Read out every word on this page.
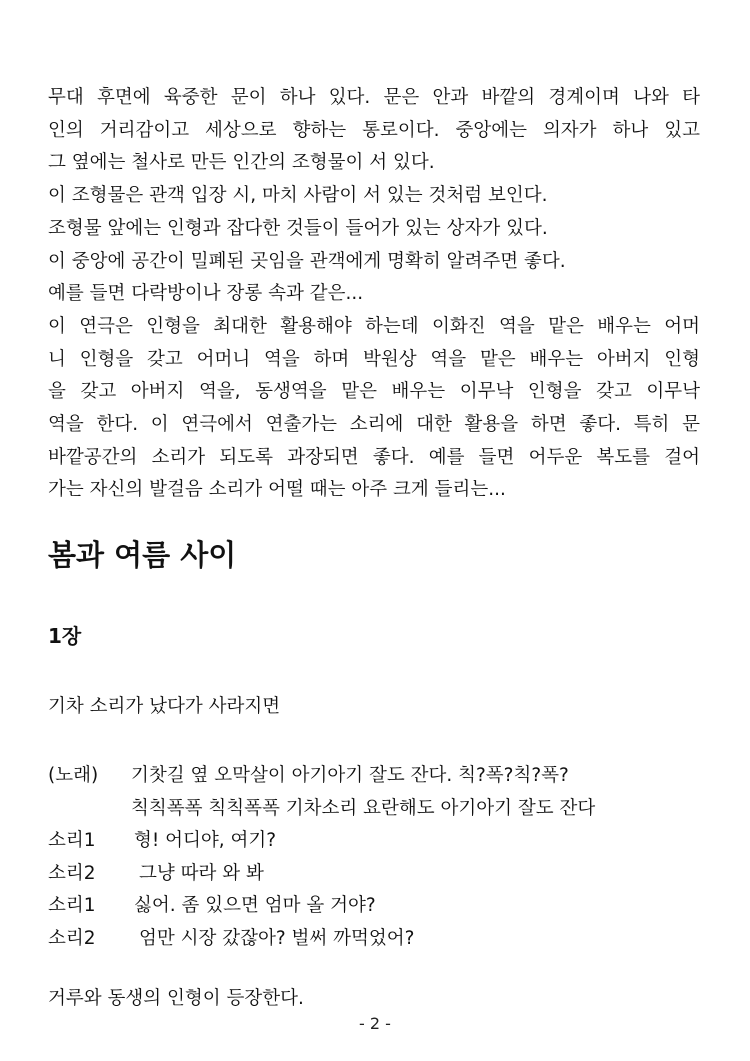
무대 후면에 육중한 문이 하나 있다. 문은 안과 바깥의 경계이며 나와 타
인의 거리감이고 세상으로 향하는 통로이다. 중앙에는 의자가 하나 있고
그 옆에는 철사로 만든 인간의 조형물이 서 있다.
이 조형물은 관객 입장 시, 마치 사람이 서 있는 것처럼 보인다.
조형물 앞에는 인형과 잡다한 것들이 들어가 있는 상자가 있다.
이 중앙에 공간이 밀폐된 곳임을 관객에게 명확히 알려주면 좋다.
예를 들면 다락방이나 장롱 속과 같은...
이 연극은 인형을 최대한 활용해야 하는데 이화진 역을 맡은 배우는 어머
니 인형을 갖고 어머니 역을 하며 박원상 역을 맡은 배우는 아버지 인형
을 갖고 아버지 역을, 동생역을 맡은 배우는 이무낙 인형을 갖고 이무낙
역을 한다. 이 연극에서 연출가는 소리에 대한 활용을 하면 좋다. 특히 문
바깥공간의 소리가 되도록 과장되면 좋다. 예를 들면 어두운 복도를 걸어
가는 자신의 발걸음 소리가 어떨 때는 아주 크게 들리는...
봄과 여름 사이
1장
기차 소리가 났다가 사라지면
(노래) 기찻길 옆 오막살이 아기아기 잘도 잔다. 칙?폭?칙?폭?
칙칙폭폭 칙칙폭폭 기차소리 요란해도 아기아기 잘도 잔다
소리1 형! 어디야, 여기?
소리2 그냥 따라 와 봐
소리1 싫어. 좀 있으면 엄마 올 거야?
소리2 엄만 시장 갔잖아? 벌써 까먹었어?
거루와 동생의 인형이 등장한다.
- 2 -
